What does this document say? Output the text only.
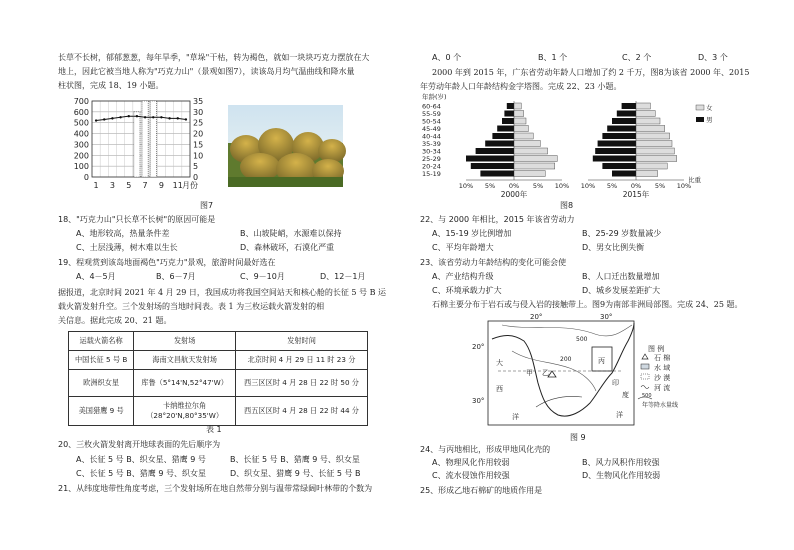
长草不长树，郁郁葱葱，每年旱季，"草垛"干枯，转为褐色，就如一块块巧克力摆放在大
地上，因此它被当地人称为"巧克力山"（景观如图7），读该岛月均气温曲线和降水量
柱状图，完成 18、19 小题。
700
600
500
400
300
200
100
0
35
30
25
20
15
10
5
0
1 3 5 7 9 11 月份
图7
18、"巧克力山"只长草不长树"的原因可能是
A、地形较高，热量条件差	B、山坡陡峭，水源难以保持
C、土层浅薄，树木难以生长	D、森林破坏，石漠化严重
19、程观赏到该岛地面褐色"巧克力"景观，旅游时间最好选在
A、4－5月	B、6－7月	C、9－10月	D、12－1月
据报道，北京时间 2021 年 4 月 29 日，我国成功将我国空间站天和核心舱的长征 5 号 B 运
载火箭发射升空。三个发射场的当地时间表。表 1 为三枚运载火箭发射的相
关信息。据此完成 20、21 题。
运载火箭名称	发射场	发射时间
中国长征 5 号 B	海南文昌航天发射场	北京时间 4 月 29 日 11 时 23 分
欧洲织女星	库鲁（5°14'N,52°47'W）	西三区区时 4 月 28 日 22 时 50 分
美国猎鹰 9 号	卡纳维拉尔角
（28°20'N,80°35'W）	西五区区时 4 月 28 日 22 时 44 分
表 1
20、三枚火箭发射离开地球表面的先后顺序为
A、长征 5 号 B、织女星、猎鹰 9 号	B、长征 5 号 B、猎鹰 9 号、织女星
C、长征 5 号 B、猎鹰 9 号、织女星	D、织女星、猎鹰 9 号、长征 5 号 B
21、从纬度地带性角度考虑，三个发射场所在地自然带分别与温带常绿阔叶林带的个数为
A、0 个	B、1 个	C、2 个	D、3 个
2000 年到 2015 年，广东省劳动年龄人口增加了约 2 千万，图8为该省 2000 年、2015
年劳动年龄人口年龄结构金字塔图。完成 22、23 小题。
年龄(岁)
60-64
55-59
50-54
45-49
40-44
35-39
30-34
25-29
20-24
15-19
10% 5% 0% 5% 10%
2000年
10% 5% 0% 5% 10%
2015年
女
男
比重
图8
22、与 2000 年相比，2015 年该省劳动力
A、15-19 岁比例增加	B、25-29 岁数量减少
C、平均年龄增大	D、男女比例失衡
23、该省劳动力年龄结构的变化可能会使
A、产业结构升级	B、人口迁出数量增加
C、环境承载力扩大	D、城乡发展差距扩大
石棉主要分布于岩石或与侵入岩的接触带上。图9为南部非洲局部图。完成 24、25 题。
20°	30°
20°
30°
大
西
甲 乙
丙
洋
印
度
洋
200
500
图 例
石 棉
水 域
沙 漠
河 流
500
年等降水量线
图 9
24、与丙地相比，形成甲地风化壳的
A、物理风化作用较弱	B、风力风积作用较强
C、流水侵蚀作用较强	D、生物风化作用较弱
25、形成乙地石棉矿的地质作用是
